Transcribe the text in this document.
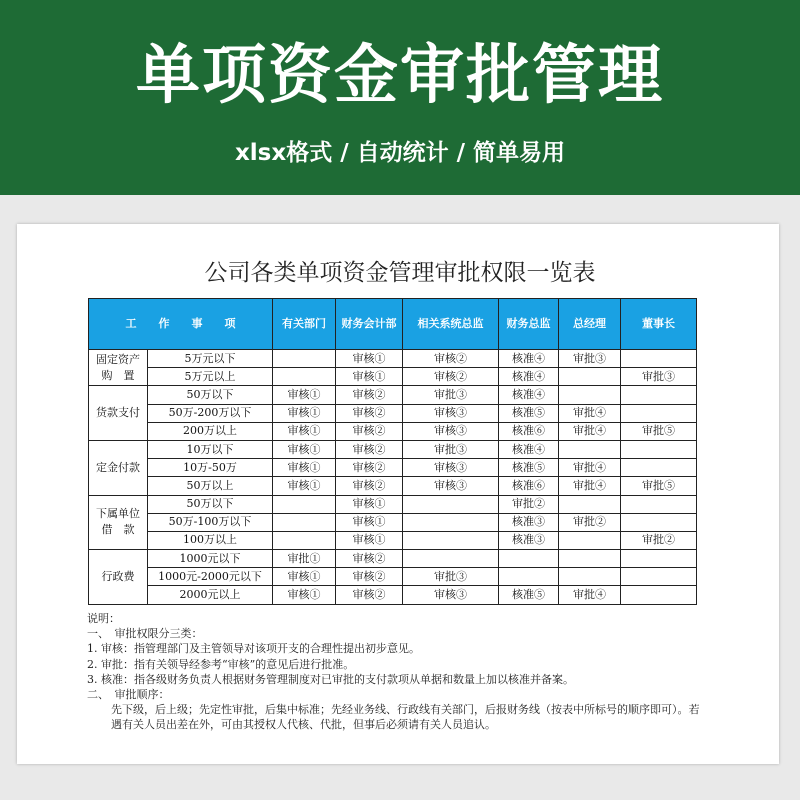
单项资金审批管理
xlsx格式 / 自动统计 / 简单易用
公司各类单项资金管理审批权限一览表
工　　作　　事　　项		有关部门	财务会计部	相关系统总监	财务总监	总经理	董事长
固定资产
购　置	5万元以下		审核①	审核②	核准④	审批③	
	5万元以上		审核①	审核②	核准④		审批③
货款支付	50万以下	审核①	审核②	审批③	核准④		
	50万-200万以下	审核①	审核②	审核③	核准⑤	审批④	
	200万以上	审核①	审核②	审核③	核准⑥	审批④	审批⑤
定金付款	10万以下	审核①	审核②	审批③	核准④		
	10万-50万	审核①	审核②	审核③	核准⑤	审批④	
	50万以上	审核①	审核②	审核③	核准⑥	审批④	审批⑤
下属单位
借　款	50万以下		审核①		审批②		
	50万-100万以下		审核①		核准③	审批②	
	100万以上		审核①		核准③		审批②
行政费	1000元以下	审批①	审核②				
	1000元-2000元以下	审核①	审核②	审批③			
	2000元以上	审核①	审核②	审核③	核准⑤	审批④	
说明：
一、　审批权限分三类：
1. 审核：指管理部门及主管领导对该项开支的合理性提出初步意见。
2. 审批：指有关领导经参考“审核”的意见后进行批准。
3. 核准：指各级财务负责人根据财务管理制度对已审批的支付款项从单据和数量上加以核准并备案。
二、　审批顺序：
先下级，后上级；先定性审批，后集中标准；先经业务线、行政线有关部门，后报财务线（按表中所标号的顺序即可）。若遇有关人员出差在外，可由其授权人代核、代批，但事后必须请有关人员追认。
